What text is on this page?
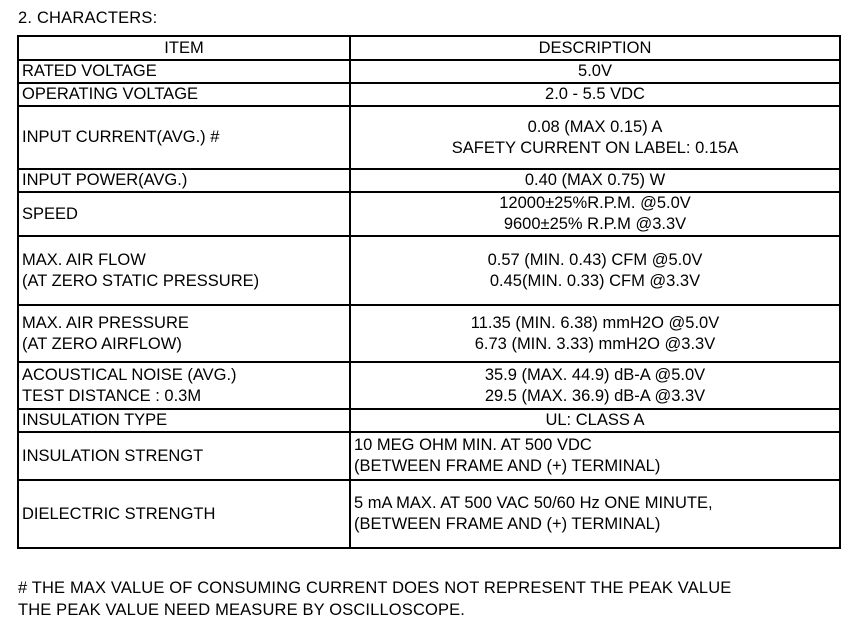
2. CHARACTERS:
ITEM	DESCRIPTION

RATED VOLTAGE	5.0V

OPERATING VOLTAGE	2.0 - 5.5 VDC

INPUT CURRENT(AVG.) #	0.08 (MAX 0.15) A
SAFETY CURRENT ON LABEL: 0.15A

INPUT POWER(AVG.)	0.40 (MAX 0.75) W

SPEED	12000±25%R.P.M. @5.0V
9600±25% R.P.M @3.3V

MAX. AIR FLOW
(AT ZERO STATIC PRESSURE)	0.57 (MIN. 0.43) CFM @5.0V
0.45(MIN. 0.33) CFM @3.3V

MAX. AIR PRESSURE
(AT ZERO AIRFLOW)	11.35 (MIN. 6.38) mmH2O @5.0V
6.73 (MIN. 3.33) mmH2O @3.3V

ACOUSTICAL NOISE (AVG.)
TEST DISTANCE : 0.3M	35.9 (MAX. 44.9) dB-A @5.0V
29.5 (MAX. 36.9) dB-A @3.3V

INSULATION TYPE	UL: CLASS A

INSULATION STRENGT	10 MEG OHM MIN. AT 500 VDC
(BETWEEN FRAME AND (+) TERMINAL)

DIELECTRIC STRENGTH	5 mA MAX. AT 500 VAC 50/60 Hz ONE MINUTE,
(BETWEEN FRAME AND (+) TERMINAL)
# THE MAX VALUE OF CONSUMING CURRENT DOES NOT REPRESENT THE PEAK VALUE
THE PEAK VALUE NEED MEASURE BY OSCILLOSCOPE.
